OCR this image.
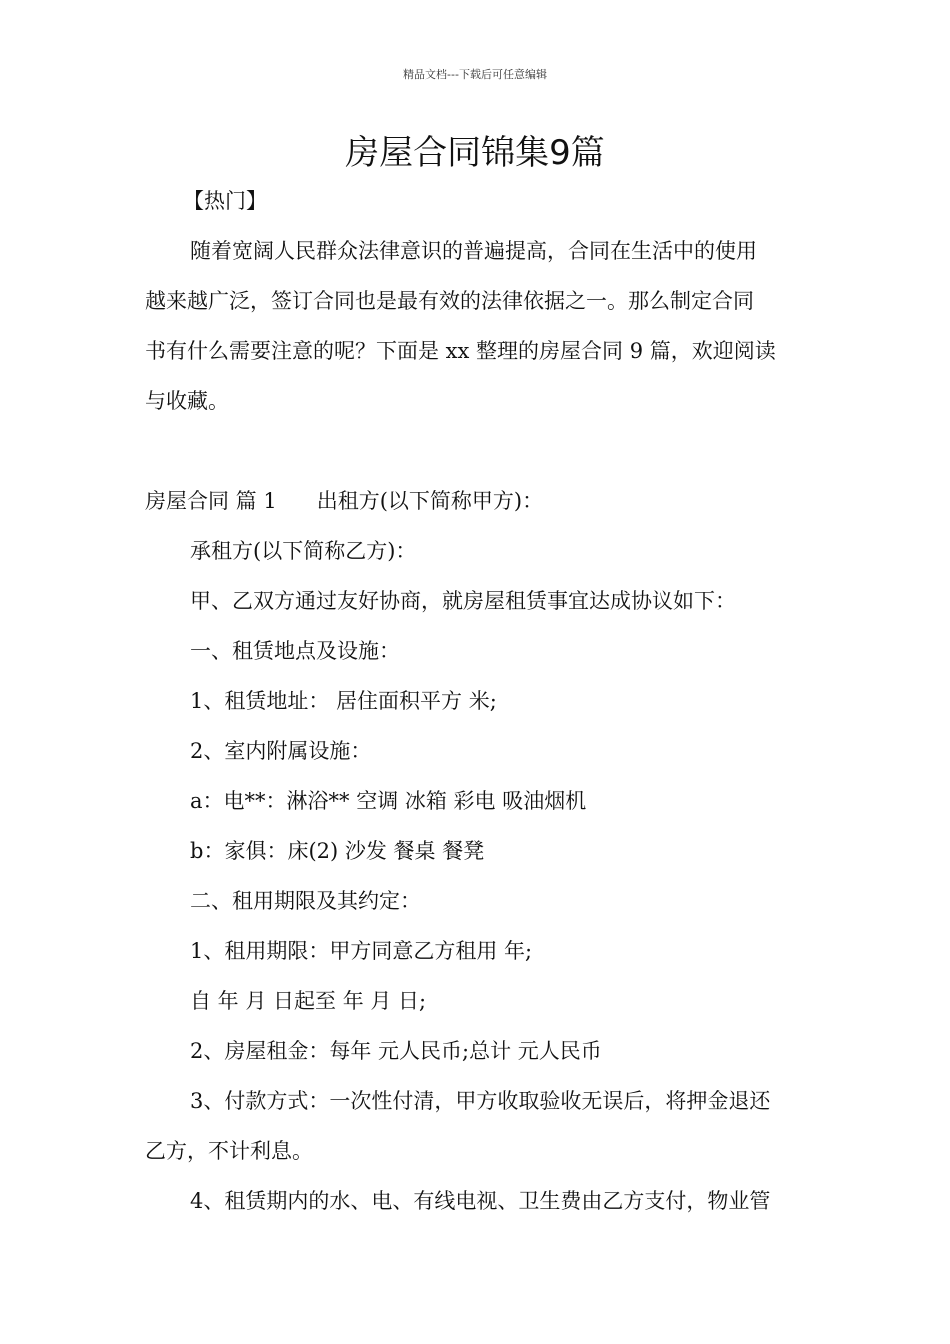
精品文档---下载后可任意编辑
房屋合同锦集9篇

【热门】

随着宽阔人民群众法律意识的普遍提高，合同在生活中的使用

越来越广泛，签订合同也是最有效的法律依据之一。那么制定合同

书有什么需要注意的呢？下面是 xx 整理的房屋合同 9 篇，欢迎阅读

与收藏。

房屋合同 篇 1 出租方(以下简称甲方)：

承租方(以下简称乙方)：

甲、乙双方通过友好协商，就房屋租赁事宜达成协议如下：

一、租赁地点及设施：

1、租赁地址： 居住面积平方 米;

2、室内附属设施：

a：电**：淋浴** 空调 冰箱 彩电 吸油烟机

b：家俱：床(2) 沙发 餐桌 餐凳

二、租用期限及其约定：

1、租用期限：甲方同意乙方租用 年;

自 年 月 日起至 年 月 日;

2、房屋租金：每年 元人民币;总计 元人民币

3、付款方式：一次性付清，甲方收取验收无误后，将押金退还

乙方，不计利息。

4、租赁期内的水、电、有线电视、卫生费由乙方支付，物业管
